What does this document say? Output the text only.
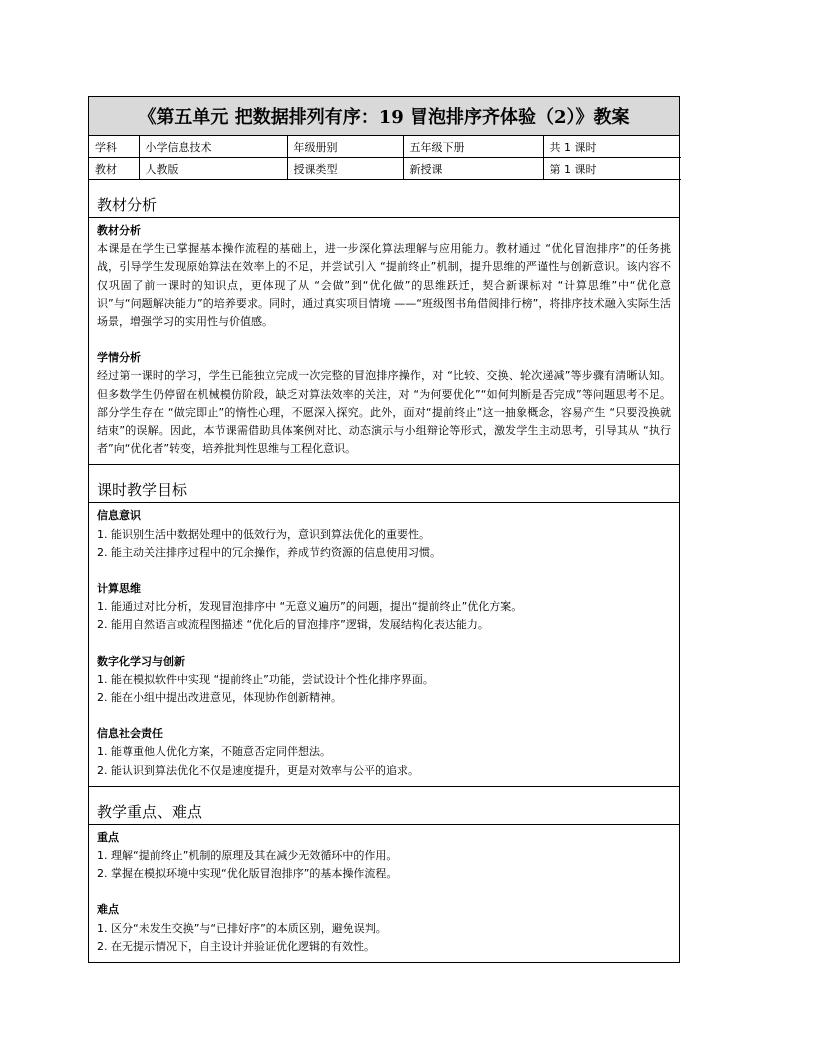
《第五单元 把数据排列有序：19 冒泡排序齐体验（2）》教案
学科	小学信息技术	年级册别	五年级下册	共 1 课时
教材	人教版	授课类型	新授课	第 1 课时
教材分析
教材分析
本课是在学生已掌握基本操作流程的基础上，进一步深化算法理解与应用能力。教材通过 “优化冒泡排序”的任务挑战，引导学生发现原始算法在效率上的不足，并尝试引入 “提前终止”机制，提升思维的严谨性与创新意识。该内容不仅巩固了前一课时的知识点，更体现了从 “会做”到“优化做”的思维跃迁，契合新课标对 “计算思维”中“优化意识”与“问题解决能力”的培养要求。同时，通过真实项目情境 ——“班级图书角借阅排行榜”，将排序技术融入实际生活场景，增强学习的实用性与价值感。
学情分析
经过第一课时的学习，学生已能独立完成一次完整的冒泡排序操作，对 “比较、交换、轮次递减”等步骤有清晰认知。但多数学生仍停留在机械模仿阶段，缺乏对算法效率的关注，对 “为何要优化”“如何判断是否完成”等问题思考不足。部分学生存在 “做完即止”的惰性心理，不愿深入探究。此外，面对“提前终止”这一抽象概念，容易产生 “只要没换就结束”的误解。因此，本节课需借助具体案例对比、动态演示与小组辩论等形式，激发学生主动思考，引导其从 “执行者”向“优化者”转变，培养批判性思维与工程化意识。
课时教学目标
信息意识
1. 能识别生活中数据处理中的低效行为，意识到算法优化的重要性。
2. 能主动关注排序过程中的冗余操作，养成节约资源的信息使用习惯。
计算思维
1. 能通过对比分析，发现冒泡排序中 “无意义遍历”的问题，提出“提前终止”优化方案。
2. 能用自然语言或流程图描述 “优化后的冒泡排序”逻辑，发展结构化表达能力。
数字化学习与创新
1. 能在模拟软件中实现 “提前终止”功能，尝试设计个性化排序界面。
2. 能在小组中提出改进意见，体现协作创新精神。
信息社会责任
1. 能尊重他人优化方案，不随意否定同伴想法。
2. 能认识到算法优化不仅是速度提升，更是对效率与公平的追求。
教学重点、难点
重点
1. 理解“提前终止”机制的原理及其在减少无效循环中的作用。
2. 掌握在模拟环境中实现“优化版冒泡排序”的基本操作流程。
难点
1. 区分“未发生交换”与“已排好序”的本质区别，避免误判。
2. 在无提示情况下，自主设计并验证优化逻辑的有效性。
